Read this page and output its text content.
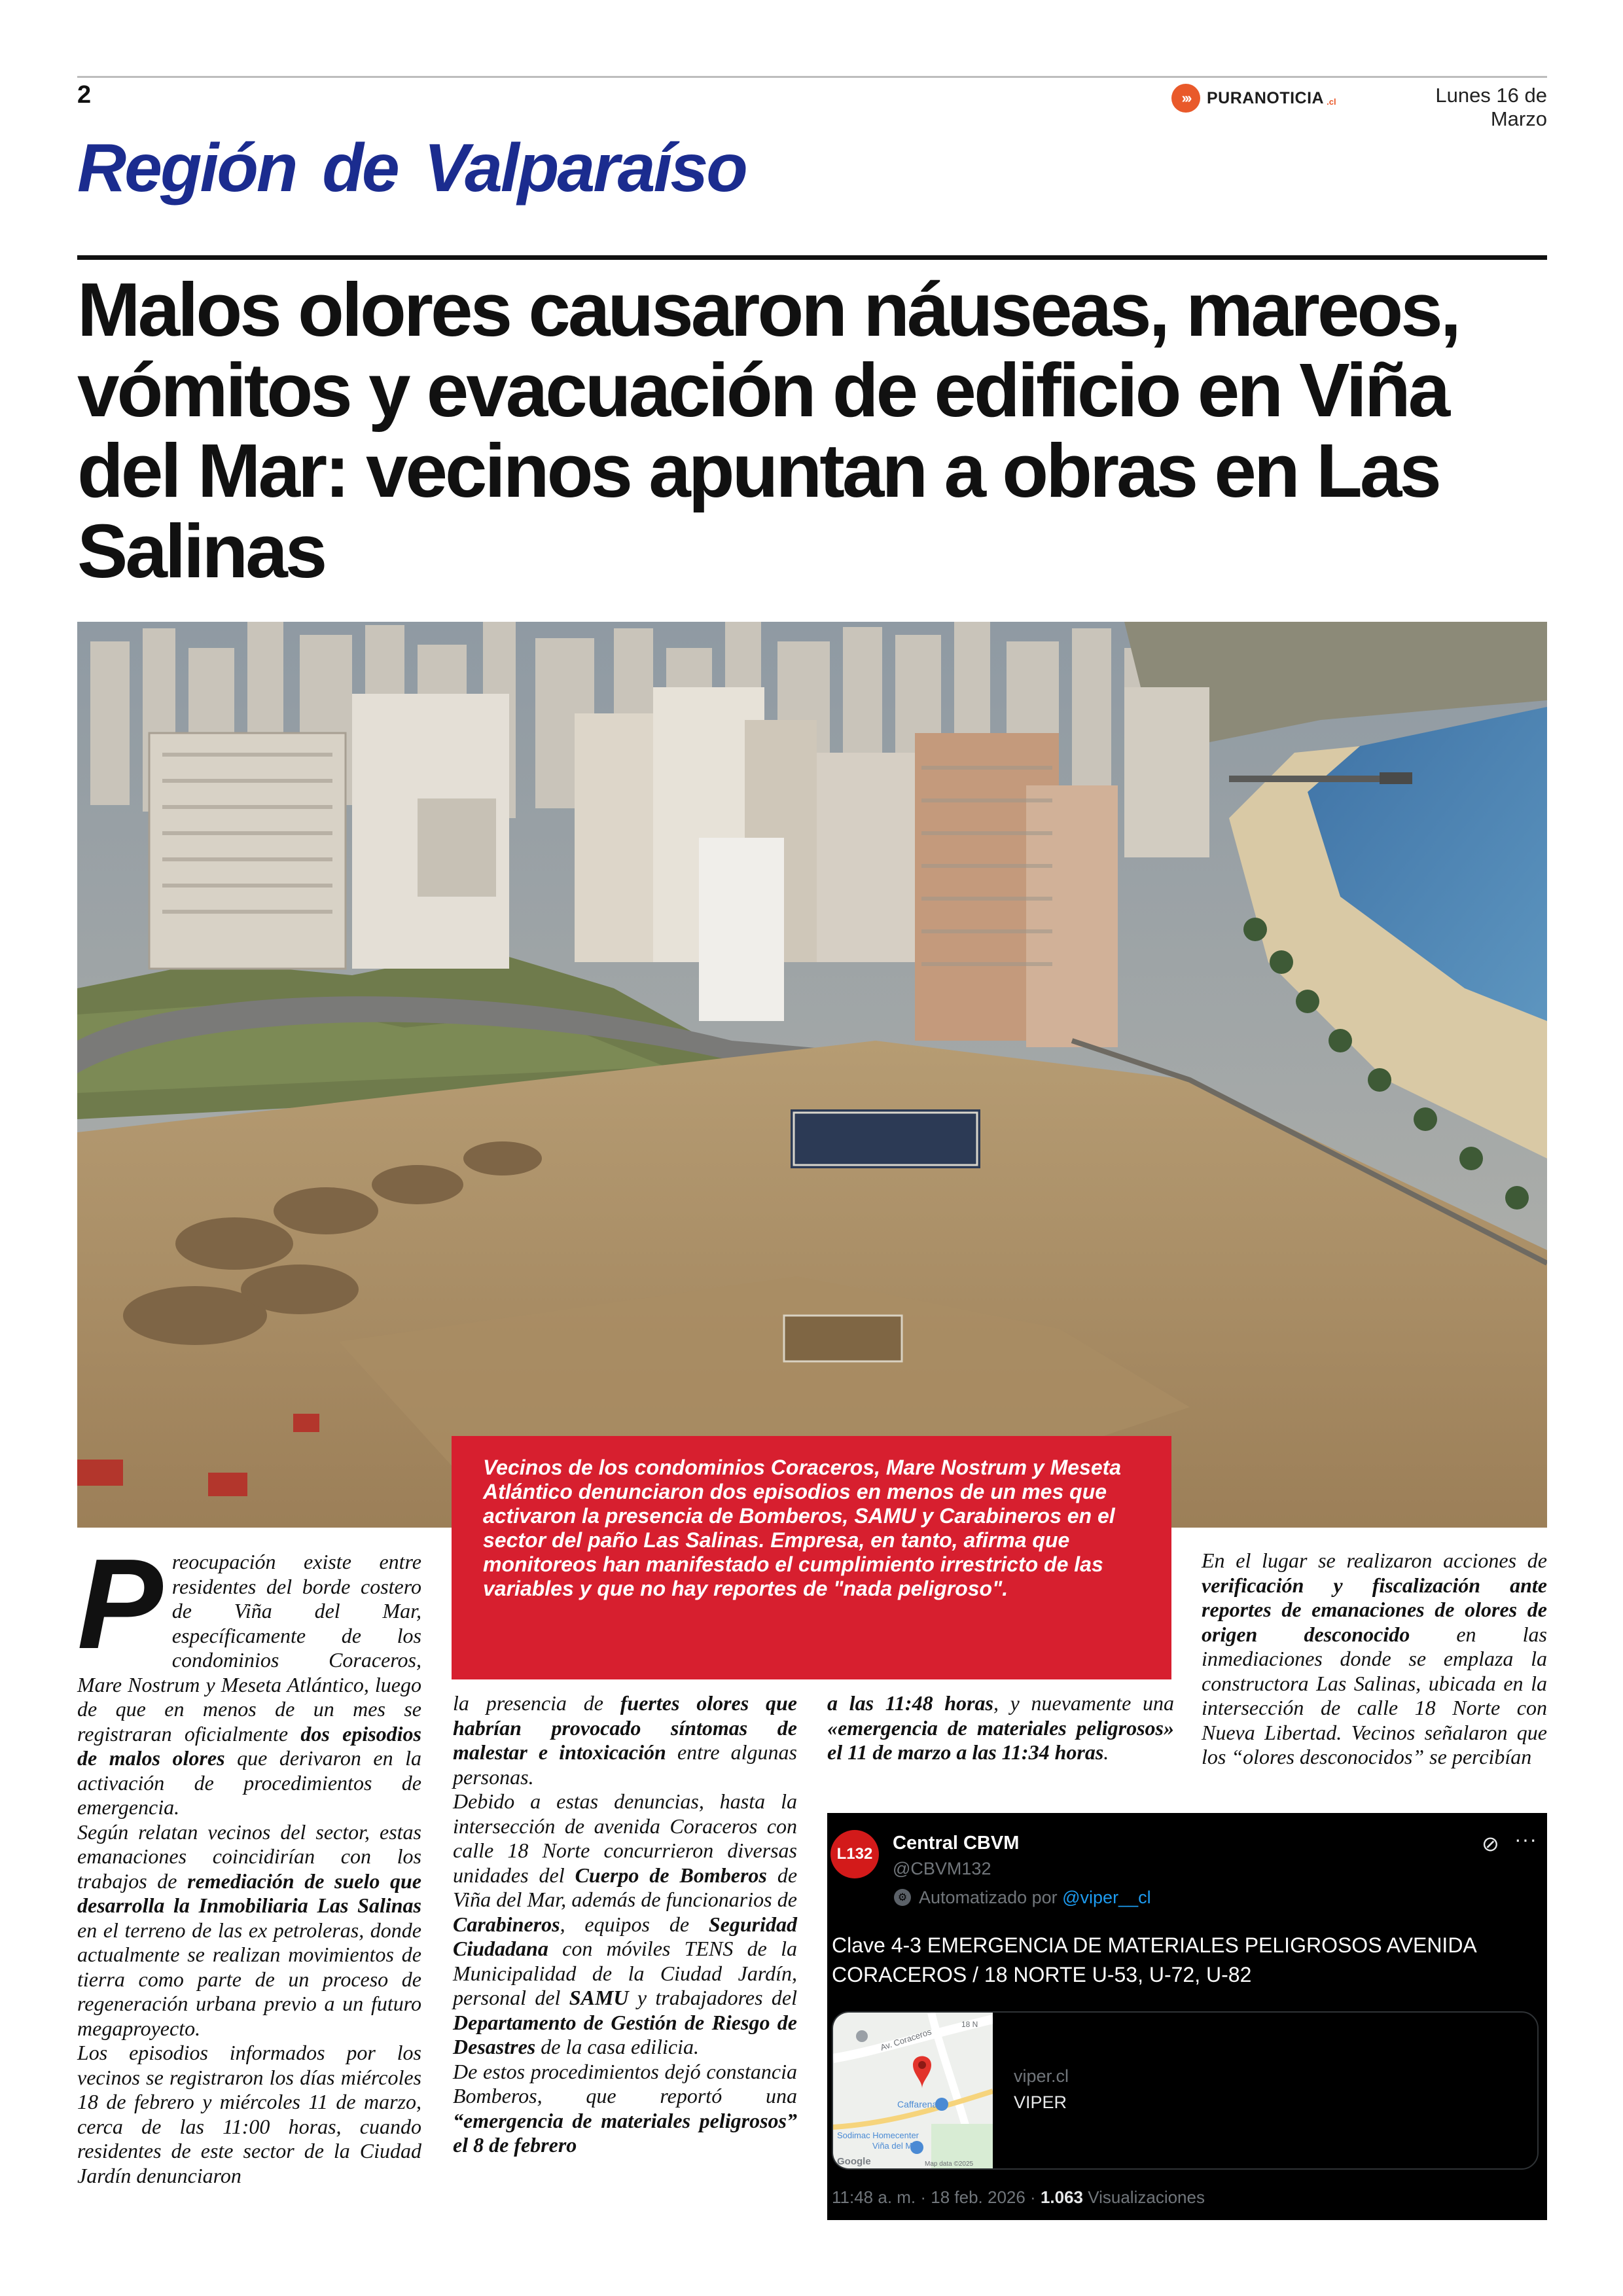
2	›››	PURANOTICIA .cl	Lunes 16 de Marzo
Región de Valparaíso
Malos olores causaron náuseas, mareos, vómitos y evacuación de edificio en Viña del Mar: vecinos apuntan a obras en Las Salinas
Vecinos de los condominios Coraceros, Mare Nostrum y Meseta Atlántico denunciaron dos episodios en menos de un mes que activaron la presencia de Bomberos, SAMU y Carabineros en el sector del paño Las Salinas. Empresa, en tanto, afirma que monitoreos han manifestado el cumplimiento irrestricto de las variables y que no hay reportes de "nada peligroso".

Preocupación existe entre residentes del borde costero de Viña del Mar, específicamente de los condominios Coraceros, Mare Nostrum y Meseta Atlántico, luego de que en menos de un mes se registraran oficialmente dos episodios de malos olores que derivaron en la activación de procedimientos de emergencia.

Según relatan vecinos del sector, estas emanaciones coincidirían con los trabajos de remediación de suelo que desarrolla la Inmobiliaria Las Salinas en el terreno de las ex petroleras, donde actualmente se realizan movimientos de tierra como parte de un proceso de regeneración urbana previo a un futuro megaproyecto.

Los episodios informados por los vecinos se registraron los días miércoles 18 de febrero y miércoles 11 de marzo, cerca de las 11:00 horas, cuando residentes de este sector de la Ciudad Jardín denunciaron

la presencia de fuertes olores que habrían provocado síntomas de malestar e intoxicación entre algunas personas.

Debido a estas denuncias, hasta la intersección de avenida Coraceros con calle 18 Norte concurrieron diversas unidades del Cuerpo de Bomberos de Viña del Mar, además de funcionarios de Carabineros, equipos de Seguridad Ciudadana con móviles TENS de la Municipalidad de la Ciudad Jardín, personal del SAMU y trabajadores del Departamento de Gestión de Riesgo de Desastres de la casa edilicia.

De estos procedimientos dejó constancia Bomberos, que reportó una “emergencia de materiales peligrosos” el 8 de febrero

a las 11:48 horas, y nuevamente una «emergencia de materiales peligrosos» el 11 de marzo a las 11:34 horas.

En el lugar se realizaron acciones de verificación y fiscalización ante reportes de emanaciones de olores de origen desconocido en las inmediaciones donde se emplaza la constructora Las Salinas, ubicada en la intersección de calle 18 Norte con Nueva Libertad. Vecinos señalaron que los “olores desconocidos” se percibían

L132
Central CBVM
@CBVM132
⚙ Automatizado por @viper__cl
⊘ ···
Clave 4-3 EMERGENCIA DE MATERIALES PELIGROSOS AVENIDA CORACEROS / 18 NORTE U-53, U-72, U-82
Av. Coraceros
18 N
Caffarena
Sodimac Homecenter
Viña del Mar
Google	Map data ©2025
viper.cl
VIPER
11:48 a. m. · 18 feb. 2026 · 1.063 Visualizaciones
